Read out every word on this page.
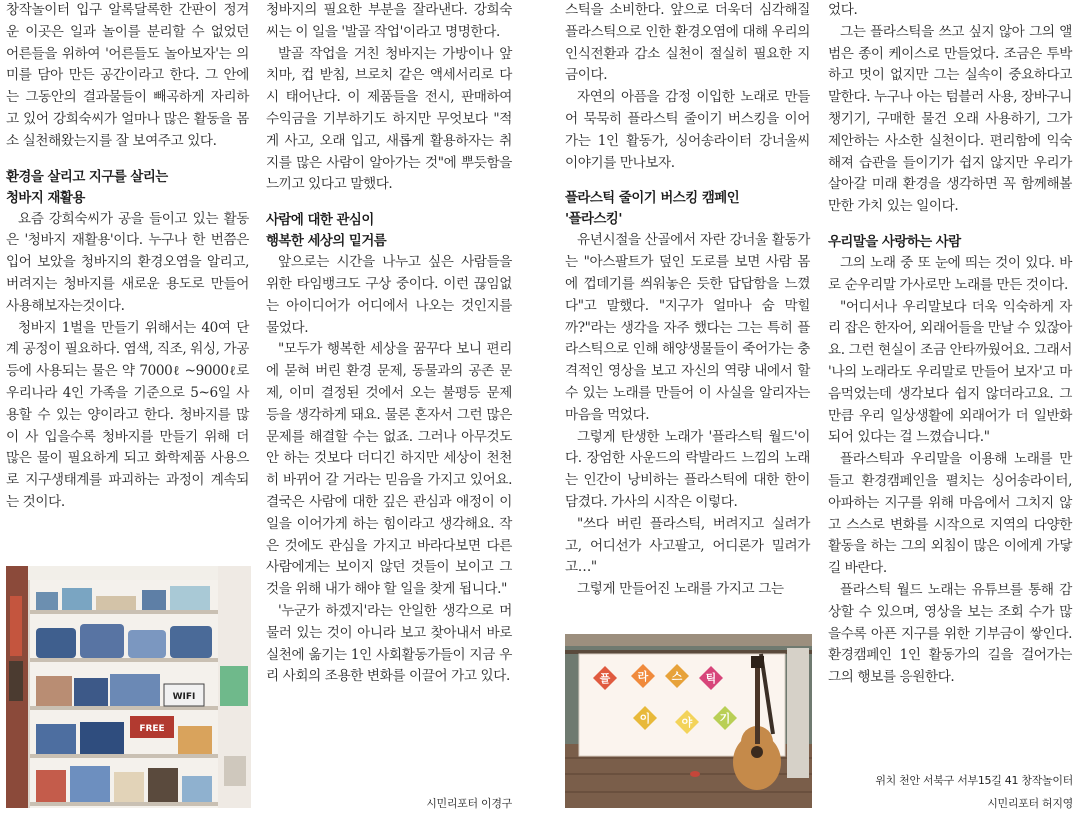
창작놀이터 입구 알록달록한 간판이 정겨운 이곳은 일과 놀이를 분리할 수 없었던 어른들을 위하여 '어른들도 놀아보자'는 의미를 담아 만든 공간이라고 한다. 그 안에는 그동안의 결과물들이 빼곡하게 자리하고 있어 강희숙씨가 얼마나 많은 활동을 몸소 실천해왔는지를 잘 보여주고 있다.

환경을 살리고 지구를 살리는

청바지 재활용

요즘 강희숙씨가 공을 들이고 있는 활동은 '청바지 재활용'이다. 누구나 한 번쯤은 입어 보았을 청바지의 환경오염을 알리고, 버려지는 청바지를 새로운 용도로 만들어 사용해보자는것이다.

청바지 1벌을 만들기 위해서는 40여 단계 공정이 필요하다. 염색, 직조, 워싱, 가공 등에 사용되는 물은 약 7000ℓ ~9000ℓ로 우리나라 4인 가족을 기준으로 5~6일 사용할 수 있는 양이라고 한다. 청바지를 많이 사 입을수록 청바지를 만들기 위해 더 많은 물이 필요하게 되고 화학제품 사용으로 지구생태계를 파괴하는 과정이 계속되는 것이다.

WIFI
FREE

청바지의 필요한 부분을 잘라낸다. 강희숙씨는 이 일을 '발골 작업'이라고 명명한다.

발골 작업을 거친 청바지는 가방이나 앞치마, 컵 받침, 브로치 같은 액세서리로 다시 태어난다. 이 제품들을 전시, 판매하여 수익금을 기부하기도 하지만 무엇보다 "적게 사고, 오래 입고, 새롭게 활용하자는 취지를 많은 사람이 알아가는 것"에 뿌듯함을 느끼고 있다고 말했다.

사람에 대한 관심이

행복한 세상의 밑거름

앞으로는 시간을 나누고 싶은 사람들을 위한 타임뱅크도 구상 중이다. 이런 끊임없는 아이디어가 어디에서 나오는 것인지를 물었다.

"모두가 행복한 세상을 꿈꾸다 보니 편리에 묻혀 버린 환경 문제, 동물과의 공존 문제, 이미 결정된 것에서 오는 불평등 문제 등을 생각하게 돼요. 물론 혼자서 그런 많은 문제를 해결할 수는 없죠. 그러나 아무것도 안 하는 것보다 더디긴 하지만 세상이 천천히 바뀌어 갈 거라는 믿음을 가지고 있어요. 결국은 사람에 대한 깊은 관심과 애정이 이 일을 이어가게 하는 힘이라고 생각해요. 작은 것에도 관심을 가지고 바라다보면 다른 사람에게는 보이지 않던 것들이 보이고 그것을 위해 내가 해야 할 일을 찾게 됩니다."

'누군가 하겠지'라는 안일한 생각으로 머물러 있는 것이 아니라 보고 찾아내서 바로 실천에 옮기는 1인 사회활동가들이 지금 우리 사회의 조용한 변화를 이끌어 가고 있다.

시민리포터 이경구

스틱을 소비한다. 앞으로 더욱더 심각해질 플라스틱으로 인한 환경오염에 대해 우리의 인식전환과 감소 실천이 절실히 필요한 지금이다.

자연의 아픔을 감정 이입한 노래로 만들어 묵묵히 플라스틱 줄이기 버스킹을 이어가는 1인 활동가, 싱어송라이터 강너울씨 이야기를 만나보자.

플라스틱 줄이기 버스킹 캠페인

'플라스킹'

유년시절을 산골에서 자란 강너울 활동가는 "아스팔트가 덮인 도로를 보면 사람 몸에 껍데기를 씌워놓은 듯한 답답함을 느꼈다"고 말했다. "지구가 얼마나 숨 막힐까?"라는 생각을 자주 했다는 그는 특히 플라스틱으로 인해 해양생물들이 죽어가는 충격적인 영상을 보고 자신의 역량 내에서 할 수 있는 노래를 만들어 이 사실을 알리자는 마음을 먹었다.

그렇게 탄생한 노래가 '플라스틱 월드'이다. 장엄한 사운드의 락발라드 느낌의 노래는 인간이 낭비하는 플라스틱에 대한 한이 담겼다. 가사의 시작은 이렇다.

"쓰다 버린 플라스틱, 버려지고 실려가고, 어디선가 사고팔고, 어디론가 밀려가고…"

그렇게 만들어진 노래를 가지고 그는

플 라 스 틱
이	야 기

었다.

그는 플라스틱을 쓰고 싶지 않아 그의 앨범은 종이 케이스로 만들었다. 조금은 투박하고 멋이 없지만 그는 실속이 중요하다고 말한다. 누구나 아는 텀블러 사용, 장바구니 챙기기, 구매한 물건 오래 사용하기, 그가 제안하는 사소한 실천이다. 편리함에 익숙해져 습관을 들이기가 쉽지 않지만 우리가 살아갈 미래 환경을 생각하면 꼭 함께해볼 만한 가치 있는 일이다.

우리말을 사랑하는 사람

그의 노래 중 또 눈에 띄는 것이 있다. 바로 순우리말 가사로만 노래를 만든 것이다.

"어디서나 우리말보다 더욱 익숙하게 자리 잡은 한자어, 외래어들을 만날 수 있잖아요. 그런 현실이 조금 안타까웠어요. 그래서 '나의 노래라도 우리말로 만들어 보자'고 마음먹었는데 생각보다 쉽지 않더라고요. 그만큼 우리 일상생활에 외래어가 더 일반화되어 있다는 걸 느꼈습니다."

플라스틱과 우리말을 이용해 노래를 만들고 환경캠페인을 펼치는 싱어송라이터, 아파하는 지구를 위해 마음에서 그치지 않고 스스로 변화를 시작으로 지역의 다양한 활동을 하는 그의 외침이 많은 이에게 가닿길 바란다.

플라스틱 월드 노래는 유튜브를 통해 감상할 수 있으며, 영상을 보는 조회 수가 많을수록 아픈 지구를 위한 기부금이 쌓인다. 환경캠페인 1인 활동가의 길을 걸어가는 그의 행보를 응원한다.

위치 천안 서북구 서부15길 41 창작놀이터
시민리포터 허지영
